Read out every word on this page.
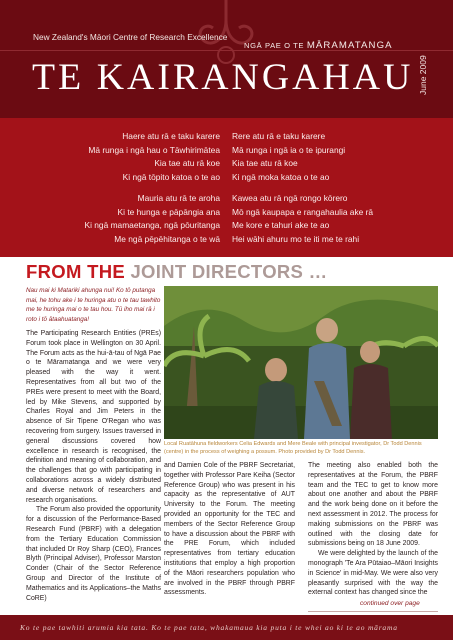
New Zealand's Māori Centre of Research Excellence
NGĀ PAE O TE MĀRAMATANGA
TE KAIRANGAHAU June 2009
Haere atu rā e taku karere
Mā runga i ngā hau o Tāwhirimātea
Kia tae atu rā koe
Ki ngā tōpito katoa o te ao
Mauria atu rā te aroha
Ki te hunga e pāpāngia ana
Ki ngā mamaetanga, ngā pōuritanga
Me ngā pēpēhitanga o te wā
Rere atu rā e taku karere
Mā runga i ngā ia o te ipurangi
Kia tae atu rā koe
Ki ngā moka katoa o te ao
Kawea atu rā ngā rongo kōrero
Mō ngā kaupapa e rangahaulia ake rā
Me kore e tahuri ake te ao
Hei wāhi ahuru mo te iti me te rahi
FROM THE JOINT DIRECTORS …
Nau mai ki Matariki ahunga nui! Ko tō putanga mai, he tohu ake i te huringa atu o te tau tawhito me te huringa mai o te tau hou. Tū iho mai rā i roto i tō ātaahuatanga!

The Participating Research Entities (PREs) Forum took place in Wellington on 30 April. The Forum acts as the hui-ā-tau of Ngā Pae o te Māramatanga and we were very pleased with the way it went. Representatives from all but two of the PREs were present to meet with the Board, led by Mike Stevens, and supported by Charles Royal and Jim Peters in the absence of Sir Tipene O'Regan who was recovering from surgery. Issues traversed in general discussions covered how excellence in research is recognised, the definition and meaning of collaboration, and the challenges that go with participating in collaborations across a widely distributed and diverse network of researchers and research organisations.

The Forum also provided the opportunity for a discussion of the Performance-Based Research Fund (PBRF) with a delegation from the Tertiary Education Commission that included Dr Roy Sharp (CEO), Frances Blyth (Principal Adviser), Professor Marston Conder (Chair of the Sector Reference Group and Director of the Institute of Mathematics and its Applications–the Maths CoRE)

Local Ruatāhuna fieldworkers Celia Edwards and Mere Beale with principal investigator, Dr Todd Dennis (centre) in the process of weighing a possum. Photo provided by Dr Todd Dennis.

and Damien Cole of the PBRF Secretariat, together with Professor Pare Keiha (Sector Reference Group) who was present in his capacity as the representative of AUT University to the Forum. The meeting provided an opportunity for the TEC and members of the Sector Reference Group to have a discussion about the PBRF with the PRE Forum, which included representatives from tertiary education institutions that employ a high proportion of the Māori researchers population who are involved in the PBRF through PBRF assessments.

The meeting also enabled both the representatives at the Forum, the PBRF team and the TEC to get to know more about one another and about the PBRF and the work being done on it before the next assessment in 2012. The process for making submissions on the PBRF was outlined with the closing date for submissions being on 18 June 2009.

We were delighted by the launch of the monograph 'Te Ara Pūtaiao–Māori Insights in Science' in mid-May. We were also very pleasantly surprised with the way the external context has changed since the

continued over page
Ko te pae tawhiti arumia kia tata. Ko te pae tata, whakamaua kia puta i te whei ao ki te ao mārama
